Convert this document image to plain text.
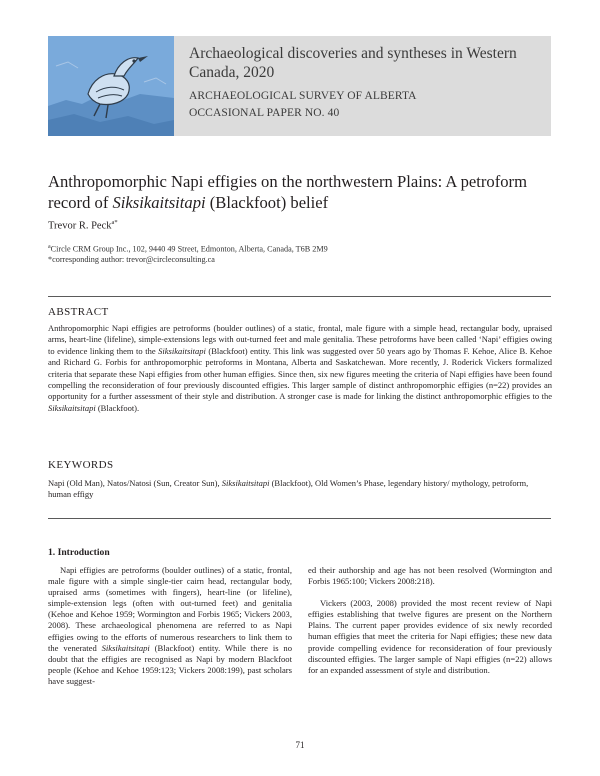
Archaeological discoveries and syntheses in Western Canada, 2020
ARCHAEOLOGICAL SURVEY OF ALBERTA
OCCASIONAL PAPER NO. 40
Anthropomorphic Napi effigies on the northwestern Plains: A petroform record of Siksikaitsitapi (Blackfoot) belief
Trevor R. Peck$^{a*}$
$^a$Circle CRM Group Inc., 102, 9440 49 Street, Edmonton, Alberta, Canada, T6B 2M9
*corresponding author: trevor@circleconsulting.ca
ABSTRACT

Anthropomorphic Napi effigies are petroforms (boulder outlines) of a static, frontal, male figure with a simple head, rectangular body, upraised arms, heart-line (lifeline), simple-extensions legs with out-turned feet and male genitalia. These petroforms have been called ‘Napi’ effigies owing to evidence linking them to the Siksikaitsitapi (Blackfoot) entity. This link was suggested over 50 years ago by Thomas F. Kehoe, Alice B. Kehoe and Richard G. Forbis for anthropomorphic petroforms in Montana, Alberta and Saskatchewan. More recently, J. Roderick Vickers formalized criteria that separate these Napi effigies from other human effigies. Since then, six new figures meeting the criteria of Napi effigies have been found compelling the reconsideration of four previously discounted effigies. This larger sample of distinct anthropomorphic effigies (n=22) provides an opportunity for a further assessment of their style and distribution. A stronger case is made for linking the distinct anthropomorphic effigies to the Siksikaitsitapi (Blackfoot).

KEYWORDS

Napi (Old Man), Natos/Natosi (Sun, Creator Sun), Siksikaitsitapi (Blackfoot), Old Women’s Phase, legendary history/ mythology, petroform, human effigy

1. Introduction

Napi effigies are petroforms (boulder outlines) of a static, frontal, male figure with a simple single-tier cairn head, rectangular body, upraised arms (sometimes with fingers), heart-line (or lifeline), simple-extension legs (often with out-turned feet) and genitalia (Kehoe and Kehoe 1959; Wormington and Forbis 1965; Vickers 2003, 2008). These archaeological phenomena are referred to as Napi effigies owing to the efforts of numerous researchers to link them to the venerated Siksikaitsitapi (Blackfoot) entity. While there is no doubt that the effigies are recognised as Napi by modern Blackfoot people (Kehoe and Kehoe 1959:123; Vickers 2008:199), past scholars have suggest-

ed their authorship and age has not been resolved (Wormington and Forbis 1965:100; Vickers 2008:218).

Vickers (2003, 2008) provided the most recent review of Napi effigies establishing that twelve figures are present on the Northern Plains. The current paper provides evidence of six newly recorded human effigies that meet the criteria for Napi effigies; these new data provide compelling evidence for reconsideration of four previously discounted effigies. The larger sample of Napi effigies (n=22) allows for an expanded assessment of style and distribution.

71
